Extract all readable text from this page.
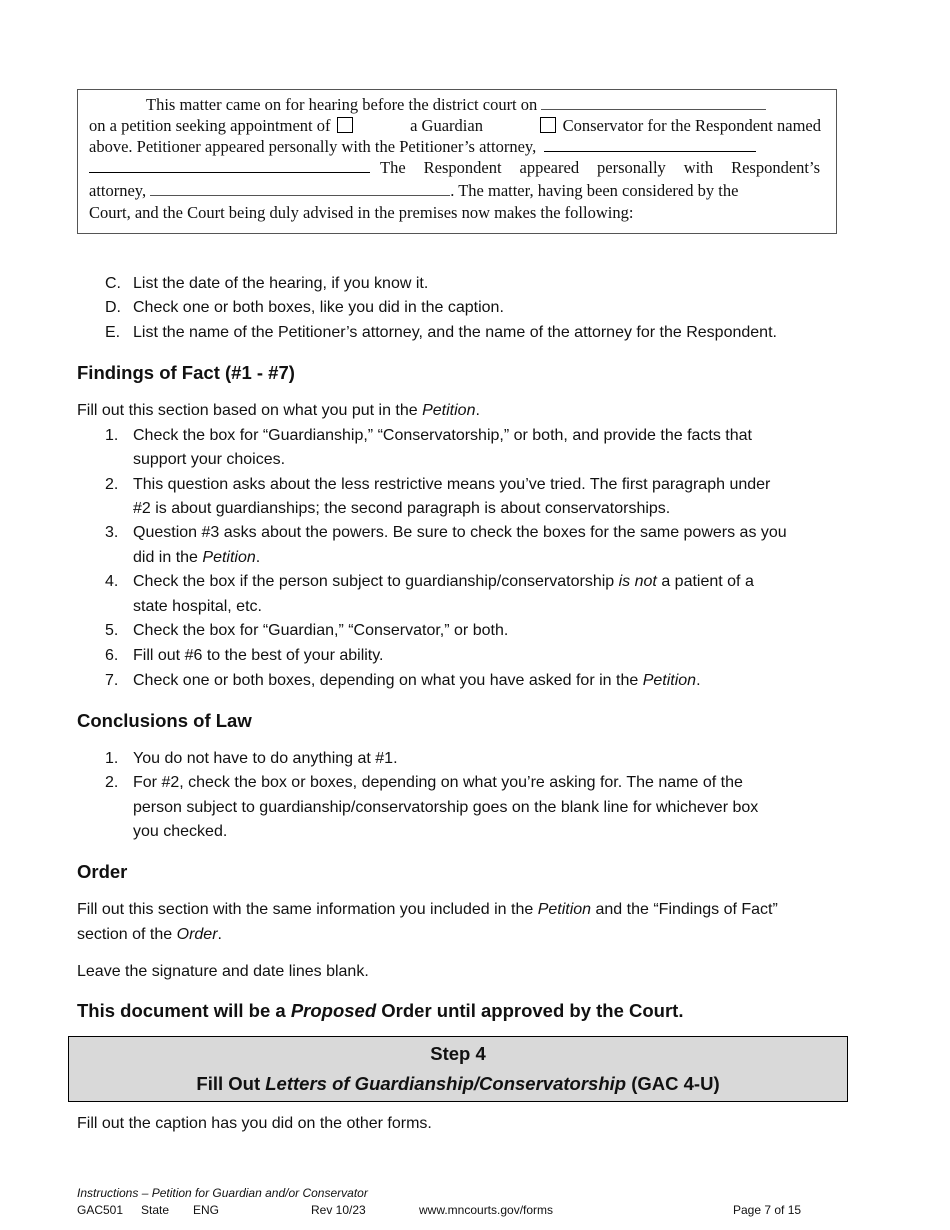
This matter came on for hearing before the district court on
on a petition seeking appointment of	a Guardian	Conservator for the Respondent named
above. Petitioner appeared personally with the Petitioner’s attorney,
The Respondent appeared personally with Respondent’s
attorney,	. The matter, having been considered by the
Court, and the Court being duly advised in the premises now makes the following:
C. List the date of the hearing, if you know it.
D. Check one or both boxes, like you did in the caption.
E. List the name of the Petitioner’s attorney, and the name of the attorney for the Respondent.
Findings of Fact (#1 - #7)
Fill out this section based on what you put in the Petition.
1. Check the box for “Guardianship,” “Conservatorship,” or both, and provide the facts that
support your choices.
2. This question asks about the less restrictive means you’ve tried. The first paragraph under
#2 is about guardianships; the second paragraph is about conservatorships.
3. Question #3 asks about the powers. Be sure to check the boxes for the same powers as you
did in the Petition.
4. Check the box if the person subject to guardianship/conservatorship is not a patient of a
state hospital, etc.
5. Check the box for “Guardian,” “Conservator,” or both.
6. Fill out #6 to the best of your ability.
7. Check one or both boxes, depending on what you have asked for in the Petition.
Conclusions of Law
1. You do not have to do anything at #1.
2. For #2, check the box or boxes, depending on what you’re asking for. The name of the
person subject to guardianship/conservatorship goes on the blank line for whichever box
you checked.
Order
Fill out this section with the same information you included in the Petition and the “Findings of Fact”
section of the Order.
Leave the signature and date lines blank.
This document will be a Proposed Order until approved by the Court.
Step 4
Fill Out Letters of Guardianship/Conservatorship (GAC 4-U)
Fill out the caption has you did on the other forms.
Instructions – Petition for Guardian and/or Conservator
GAC501 State ENG	Rev 10/23	www.mncourts.gov/forms	Page 7 of 15
